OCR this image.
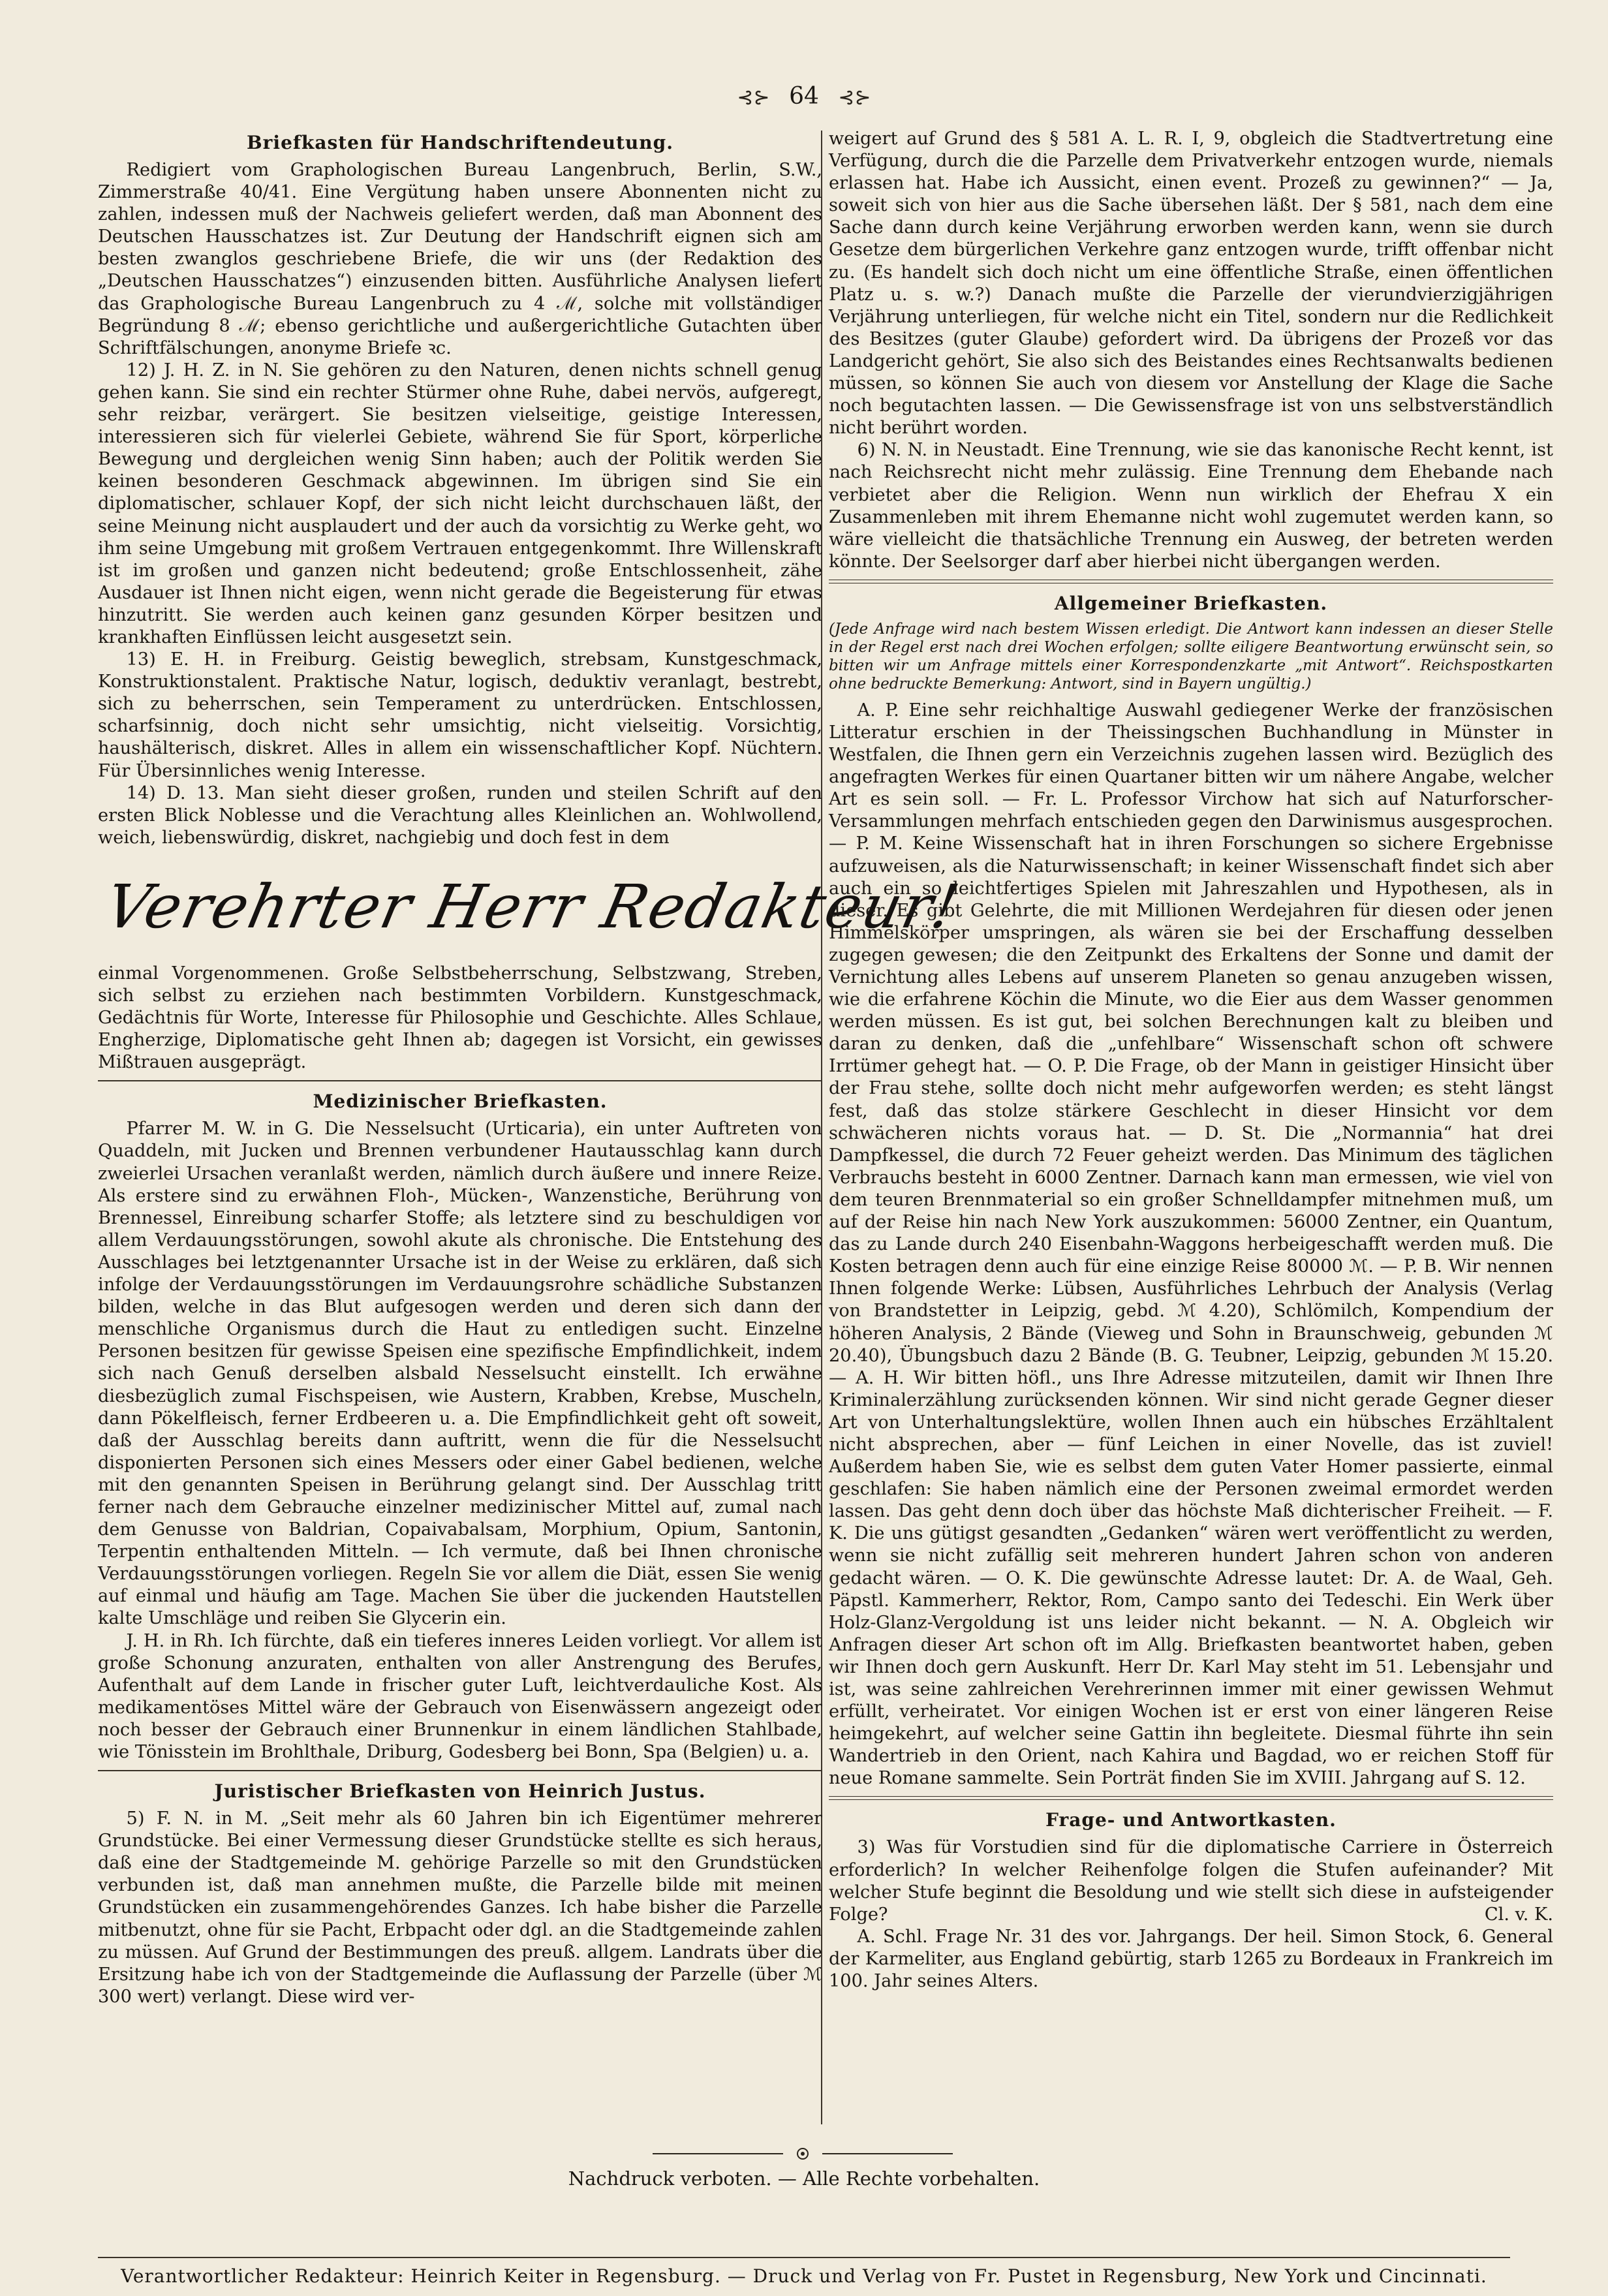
⊰⊱ 64 ⊰⊱
Briefkasten für Handschriftendeutung.

Redigiert vom Graphologischen Bureau Langenbruch, Berlin, S.W., Zimmerstraße 40/41. Eine Vergütung haben unsere Abonnenten nicht zu zahlen, indessen muß der Nachweis geliefert werden, daß man Abonnent des Deutschen Hausschatzes ist. Zur Deutung der Handschrift eignen sich am besten zwanglos geschriebene Briefe, die wir uns (der Redaktion des „Deutschen Hausschatzes“) einzusenden bitten. Ausführliche Analysen liefert das Graphologische Bureau Langenbruch zu 4 ℳ, solche mit vollständiger Begründung 8 ℳ; ebenso gerichtliche und außergerichtliche Gutachten über Schriftfälschungen, anonyme Briefe ꝛc.

12) J. H. Z. in N. Sie gehören zu den Naturen, denen nichts schnell genug gehen kann. Sie sind ein rechter Stürmer ohne Ruhe, dabei nervös, aufgeregt, sehr reizbar, verärgert. Sie besitzen vielseitige, geistige Interessen, interessieren sich für vielerlei Gebiete, während Sie für Sport, körperliche Bewegung und dergleichen wenig Sinn haben; auch der Politik werden Sie keinen besonderen Geschmack abgewinnen. Im übrigen sind Sie ein diplomatischer, schlauer Kopf, der sich nicht leicht durchschauen läßt, der seine Meinung nicht ausplaudert und der auch da vorsichtig zu Werke geht, wo ihm seine Umgebung mit großem Vertrauen entgegenkommt. Ihre Willenskraft ist im großen und ganzen nicht bedeutend; große Entschlossenheit, zähe Ausdauer ist Ihnen nicht eigen, wenn nicht gerade die Begeisterung für etwas hinzutritt. Sie werden auch keinen ganz gesunden Körper besitzen und krankhaften Einflüssen leicht ausgesetzt sein.

13) E. H. in Freiburg. Geistig beweglich, strebsam, Kunstgeschmack, Konstruktionstalent. Praktische Natur, logisch, deduktiv veranlagt, bestrebt, sich zu beherrschen, sein Temperament zu unterdrücken. Entschlossen, scharfsinnig, doch nicht sehr umsichtig, nicht vielseitig. Vorsichtig, haushälterisch, diskret. Alles in allem ein wissenschaftlicher Kopf. Nüchtern. Für Übersinnliches wenig Interesse.

14) D. 13. Man sieht dieser großen, runden und steilen Schrift auf den ersten Blick Noblesse und die Verachtung alles Kleinlichen an. Wohlwollend, weich, liebenswürdig, diskret, nachgiebig und doch fest in dem

Verehrter Herr Redakteur!

einmal Vorgenommenen. Große Selbstbeherrschung, Selbstzwang, Streben, sich selbst zu erziehen nach bestimmten Vorbildern. Kunstgeschmack, Gedächtnis für Worte, Interesse für Philosophie und Geschichte. Alles Schlaue, Engherzige, Diplomatische geht Ihnen ab; dagegen ist Vorsicht, ein gewisses Mißtrauen ausgeprägt.

Medizinischer Briefkasten.

Pfarrer M. W. in G. Die Nesselsucht (Urticaria), ein unter Auftreten von Quaddeln, mit Jucken und Brennen verbundener Hautausschlag kann durch zweierlei Ursachen veranlaßt werden, nämlich durch äußere und innere Reize. Als erstere sind zu erwähnen Floh-, Mücken-, Wanzenstiche, Berührung von Brennessel, Einreibung scharfer Stoffe; als letztere sind zu beschuldigen vor allem Verdauungsstörungen, sowohl akute als chronische. Die Entstehung des Ausschlages bei letztgenannter Ursache ist in der Weise zu erklären, daß sich infolge der Verdauungsstörungen im Verdauungsrohre schädliche Substanzen bilden, welche in das Blut aufgesogen werden und deren sich dann der menschliche Organismus durch die Haut zu entledigen sucht. Einzelne Personen besitzen für gewisse Speisen eine spezifische Empfindlichkeit, indem sich nach Genuß derselben alsbald Nesselsucht einstellt. Ich erwähne diesbezüglich zumal Fischspeisen, wie Austern, Krabben, Krebse, Muscheln, dann Pökelfleisch, ferner Erdbeeren u. a. Die Empfindlichkeit geht oft soweit, daß der Ausschlag bereits dann auftritt, wenn die für die Nesselsucht disponierten Personen sich eines Messers oder einer Gabel bedienen, welche mit den genannten Speisen in Berührung gelangt sind. Der Ausschlag tritt ferner nach dem Gebrauche einzelner medizinischer Mittel auf, zumal nach dem Genusse von Baldrian, Copaivabalsam, Morphium, Opium, Santonin, Terpentin enthaltenden Mitteln. — Ich vermute, daß bei Ihnen chronische Verdauungsstörungen vorliegen. Regeln Sie vor allem die Diät, essen Sie wenig auf einmal und häufig am Tage. Machen Sie über die juckenden Hautstellen kalte Umschläge und reiben Sie Glycerin ein.

J. H. in Rh. Ich fürchte, daß ein tieferes inneres Leiden vorliegt. Vor allem ist große Schonung anzuraten, enthalten von aller Anstrengung des Berufes, Aufenthalt auf dem Lande in frischer guter Luft, leichtverdauliche Kost. Als medikamentöses Mittel wäre der Gebrauch von Eisenwässern angezeigt oder noch besser der Gebrauch einer Brunnenkur in einem ländlichen Stahlbade, wie Tönisstein im Brohlthale, Driburg, Godesberg bei Bonn, Spa (Belgien) u. a.

Juristischer Briefkasten von Heinrich Justus.

5) F. N. in M. „Seit mehr als 60 Jahren bin ich Eigentümer mehrerer Grundstücke. Bei einer Vermessung dieser Grundstücke stellte es sich heraus, daß eine der Stadtgemeinde M. gehörige Parzelle so mit den Grundstücken verbunden ist, daß man annehmen mußte, die Parzelle bilde mit meinen Grundstücken ein zusammengehörendes Ganzes. Ich habe bisher die Parzelle mitbenutzt, ohne für sie Pacht, Erbpacht oder dgl. an die Stadtgemeinde zahlen zu müssen. Auf Grund der Bestimmungen des preuß. allgem. Landrats über die Ersitzung habe ich von der Stadtgemeinde die Auflassung der Parzelle (über ℳ 300 wert) verlangt. Diese wird ver-

weigert auf Grund des § 581 A. L. R. I, 9, obgleich die Stadtvertretung eine Verfügung, durch die die Parzelle dem Privatverkehr entzogen wurde, niemals erlassen hat. Habe ich Aussicht, einen event. Prozeß zu gewinnen?“ — Ja, soweit sich von hier aus die Sache übersehen läßt. Der § 581, nach dem eine Sache dann durch keine Verjährung erworben werden kann, wenn sie durch Gesetze dem bürgerlichen Verkehre ganz entzogen wurde, trifft offenbar nicht zu. (Es handelt sich doch nicht um eine öffentliche Straße, einen öffentlichen Platz u. s. w.?) Danach mußte die Parzelle der vierundvierzigjährigen Verjährung unterliegen, für welche nicht ein Titel, sondern nur die Redlichkeit des Besitzes (guter Glaube) gefordert wird. Da übrigens der Prozeß vor das Landgericht gehört, Sie also sich des Beistandes eines Rechtsanwalts bedienen müssen, so können Sie auch von diesem vor Anstellung der Klage die Sache noch begutachten lassen. — Die Gewissensfrage ist von uns selbstverständlich nicht berührt worden.

6) N. N. in Neustadt. Eine Trennung, wie sie das kanonische Recht kennt, ist nach Reichsrecht nicht mehr zulässig. Eine Trennung dem Ehebande nach verbietet aber die Religion. Wenn nun wirklich der Ehefrau X ein Zusammenleben mit ihrem Ehemanne nicht wohl zugemutet werden kann, so wäre vielleicht die thatsächliche Trennung ein Ausweg, der betreten werden könnte. Der Seelsorger darf aber hierbei nicht übergangen werden.

Allgemeiner Briefkasten.

(Jede Anfrage wird nach bestem Wissen erledigt. Die Antwort kann indessen an dieser Stelle in der Regel erst nach drei Wochen erfolgen; sollte eiligere Beantwortung erwünscht sein, so bitten wir um Anfrage mittels einer Korrespondenzkarte „mit Antwort“. Reichspostkarten ohne bedruckte Bemerkung: Antwort, sind in Bayern ungültig.)

A. P. Eine sehr reichhaltige Auswahl gediegener Werke der französischen Litteratur erschien in der Theissingschen Buchhandlung in Münster in Westfalen, die Ihnen gern ein Verzeichnis zugehen lassen wird. Bezüglich des angefragten Werkes für einen Quartaner bitten wir um nähere Angabe, welcher Art es sein soll. — Fr. L. Professor Virchow hat sich auf Naturforscher-Versammlungen mehrfach entschieden gegen den Darwinismus ausgesprochen. — P. M. Keine Wissenschaft hat in ihren Forschungen so sichere Ergebnisse aufzuweisen, als die Naturwissenschaft; in keiner Wissenschaft findet sich aber auch ein so leichtfertiges Spielen mit Jahreszahlen und Hypothesen, als in dieser. Es gibt Gelehrte, die mit Millionen Werdejahren für diesen oder jenen Himmelskörper umspringen, als wären sie bei der Erschaffung desselben zugegen gewesen; die den Zeitpunkt des Erkaltens der Sonne und damit der Vernichtung alles Lebens auf unserem Planeten so genau anzugeben wissen, wie die erfahrene Köchin die Minute, wo die Eier aus dem Wasser genommen werden müssen. Es ist gut, bei solchen Berechnungen kalt zu bleiben und daran zu denken, daß die „unfehlbare“ Wissenschaft schon oft schwere Irrtümer gehegt hat. — O. P. Die Frage, ob der Mann in geistiger Hinsicht über der Frau stehe, sollte doch nicht mehr aufgeworfen werden; es steht längst fest, daß das stolze stärkere Geschlecht in dieser Hinsicht vor dem schwächeren nichts voraus hat. — D. St. Die „Normannia“ hat drei Dampfkessel, die durch 72 Feuer geheizt werden. Das Minimum des täglichen Verbrauchs besteht in 6000 Zentner. Darnach kann man ermessen, wie viel von dem teuren Brennmaterial so ein großer Schnelldampfer mitnehmen muß, um auf der Reise hin nach New York auszukommen: 56000 Zentner, ein Quantum, das zu Lande durch 240 Eisenbahn-Waggons herbeigeschafft werden muß. Die Kosten betragen denn auch für eine einzige Reise 80000 ℳ. — P. B. Wir nennen Ihnen folgende Werke: Lübsen, Ausführliches Lehrbuch der Analysis (Verlag von Brandstetter in Leipzig, gebd. ℳ 4.20), Schlömilch, Kompendium der höheren Analysis, 2 Bände (Vieweg und Sohn in Braunschweig, gebunden ℳ 20.40), Übungsbuch dazu 2 Bände (B. G. Teubner, Leipzig, gebunden ℳ 15.20. — A. H. Wir bitten höfl., uns Ihre Adresse mitzuteilen, damit wir Ihnen Ihre Kriminalerzählung zurücksenden können. Wir sind nicht gerade Gegner dieser Art von Unterhaltungslektüre, wollen Ihnen auch ein hübsches Erzähltalent nicht absprechen, aber — fünf Leichen in einer Novelle, das ist zuviel! Außerdem haben Sie, wie es selbst dem guten Vater Homer passierte, einmal geschlafen: Sie haben nämlich eine der Personen zweimal ermordet werden lassen. Das geht denn doch über das höchste Maß dichterischer Freiheit. — F. K. Die uns gütigst gesandten „Gedanken“ wären wert veröffentlicht zu werden, wenn sie nicht zufällig seit mehreren hundert Jahren schon von anderen gedacht wären. — O. K. Die gewünschte Adresse lautet: Dr. A. de Waal, Geh. Päpstl. Kammerherr, Rektor, Rom, Campo santo dei Tedeschi. Ein Werk über Holz-Glanz-Vergoldung ist uns leider nicht bekannt. — N. A. Obgleich wir Anfragen dieser Art schon oft im Allg. Briefkasten beantwortet haben, geben wir Ihnen doch gern Auskunft. Herr Dr. Karl May steht im 51. Lebensjahr und ist, was seine zahlreichen Verehrerinnen immer mit einer gewissen Wehmut erfüllt, verheiratet. Vor einigen Wochen ist er erst von einer längeren Reise heimgekehrt, auf welcher seine Gattin ihn begleitete. Diesmal führte ihn sein Wandertrieb in den Orient, nach Kahira und Bagdad, wo er reichen Stoff für neue Romane sammelte. Sein Porträt finden Sie im XVIII. Jahrgang auf S. 12.

Frage- und Antwortkasten.

3) Was für Vorstudien sind für die diplomatische Carriere in Österreich erforderlich? In welcher Reihenfolge folgen die Stufen aufeinander? Mit welcher Stufe beginnt die Besoldung und wie stellt sich diese in aufsteigender Folge?	Cl. v. K.

A. Schl. Frage Nr. 31 des vor. Jahrgangs. Der heil. Simon Stock, 6. General der Karmeliter, aus England gebürtig, starb 1265 zu Bordeaux in Frankreich im 100. Jahr seines Alters.

Nachdruck verboten. — Alle Rechte vorbehalten.
Verantwortlicher Redakteur: Heinrich Keiter in Regensburg. — Druck und Verlag von Fr. Pustet in Regensburg, New York und Cincinnati.
